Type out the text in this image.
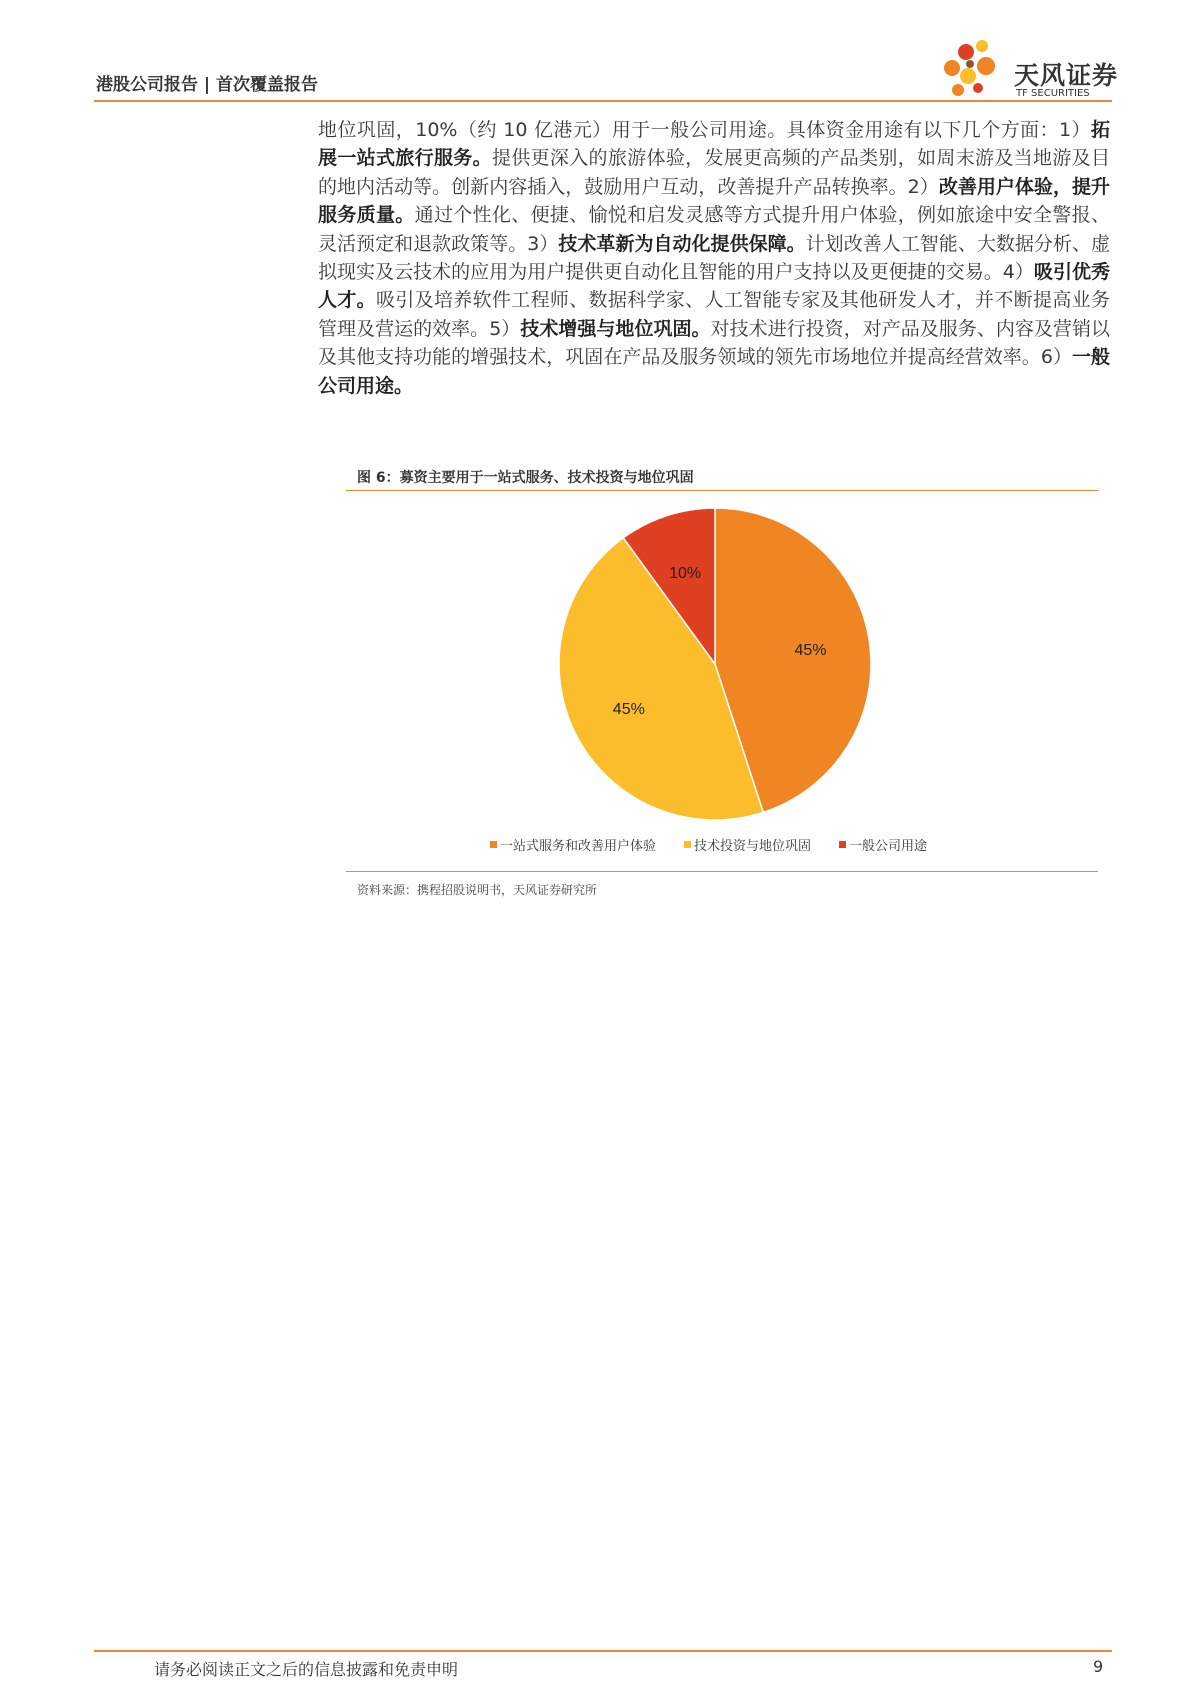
港股公司报告 | 首次覆盖报告	天风证券
TF SECURITIES
地位巩固，10%（约 10 亿港元）用于一般公司用途。具体资金用途有以下几个方面：1）拓展一站式旅行服务。提供更深入的旅游体验，发展更高频的产品类别，如周末游及当地游及目的地内活动等。创新内容插入，鼓励用户互动，改善提升产品转换率。2）改善用户体验，提升服务质量。通过个性化、便捷、愉悦和启发灵感等方式提升用户体验，例如旅途中安全警报、灵活预定和退款政策等。3）技术革新为自动化提供保障。计划改善人工智能、大数据分析、虚拟现实及云技术的应用为用户提供更自动化且智能的用户支持以及更便捷的交易。4）吸引优秀人才。吸引及培养软件工程师、数据科学家、人工智能专家及其他研发人才，并不断提高业务管理及营运的效率。5）技术增强与地位巩固。对技术进行投资，对产品及服务、内容及营销以及其他支持功能的增强技术，巩固在产品及服务领域的领先市场地位并提高经营效率。6）一般公司用途。
图 6：募资主要用于一站式服务、技术投资与地位巩固
45%
45%
10%
一站式服务和改善用户体验	技术投资与地位巩固	一般公司用途
资料来源：携程招股说明书，天风证券研究所
请务必阅读正文之后的信息披露和免责申明	9
